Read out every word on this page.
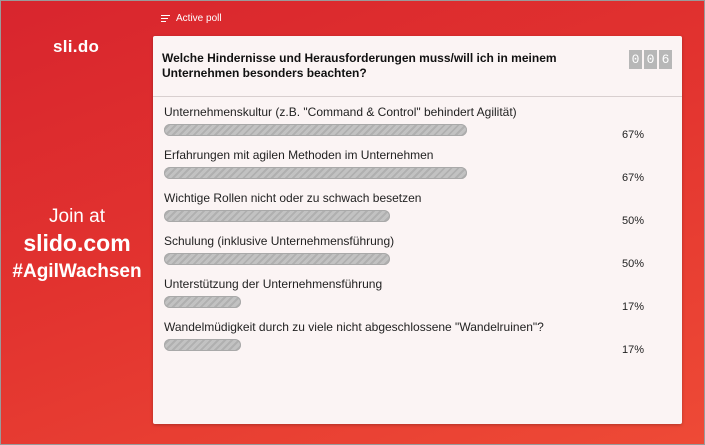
sli.do
Active poll
Join at
slido.com
#AgilWachsen
Welche Hindernisse und Herausforderungen muss/will ich in meinem Unternehmen besonders beachten?
0 0 6
Unternehmenskultur (z.B. "Command & Control" behindert Agilität)
67%
Erfahrungen mit agilen Methoden im Unternehmen
67%
Wichtige Rollen nicht oder zu schwach besetzen
50%
Schulung (inklusive Unternehmensführung)
50%
Unterstützung der Unternehmensführung
17%
Wandelmüdigkeit durch zu viele nicht abgeschlossene "Wandelruinen"?
17%
